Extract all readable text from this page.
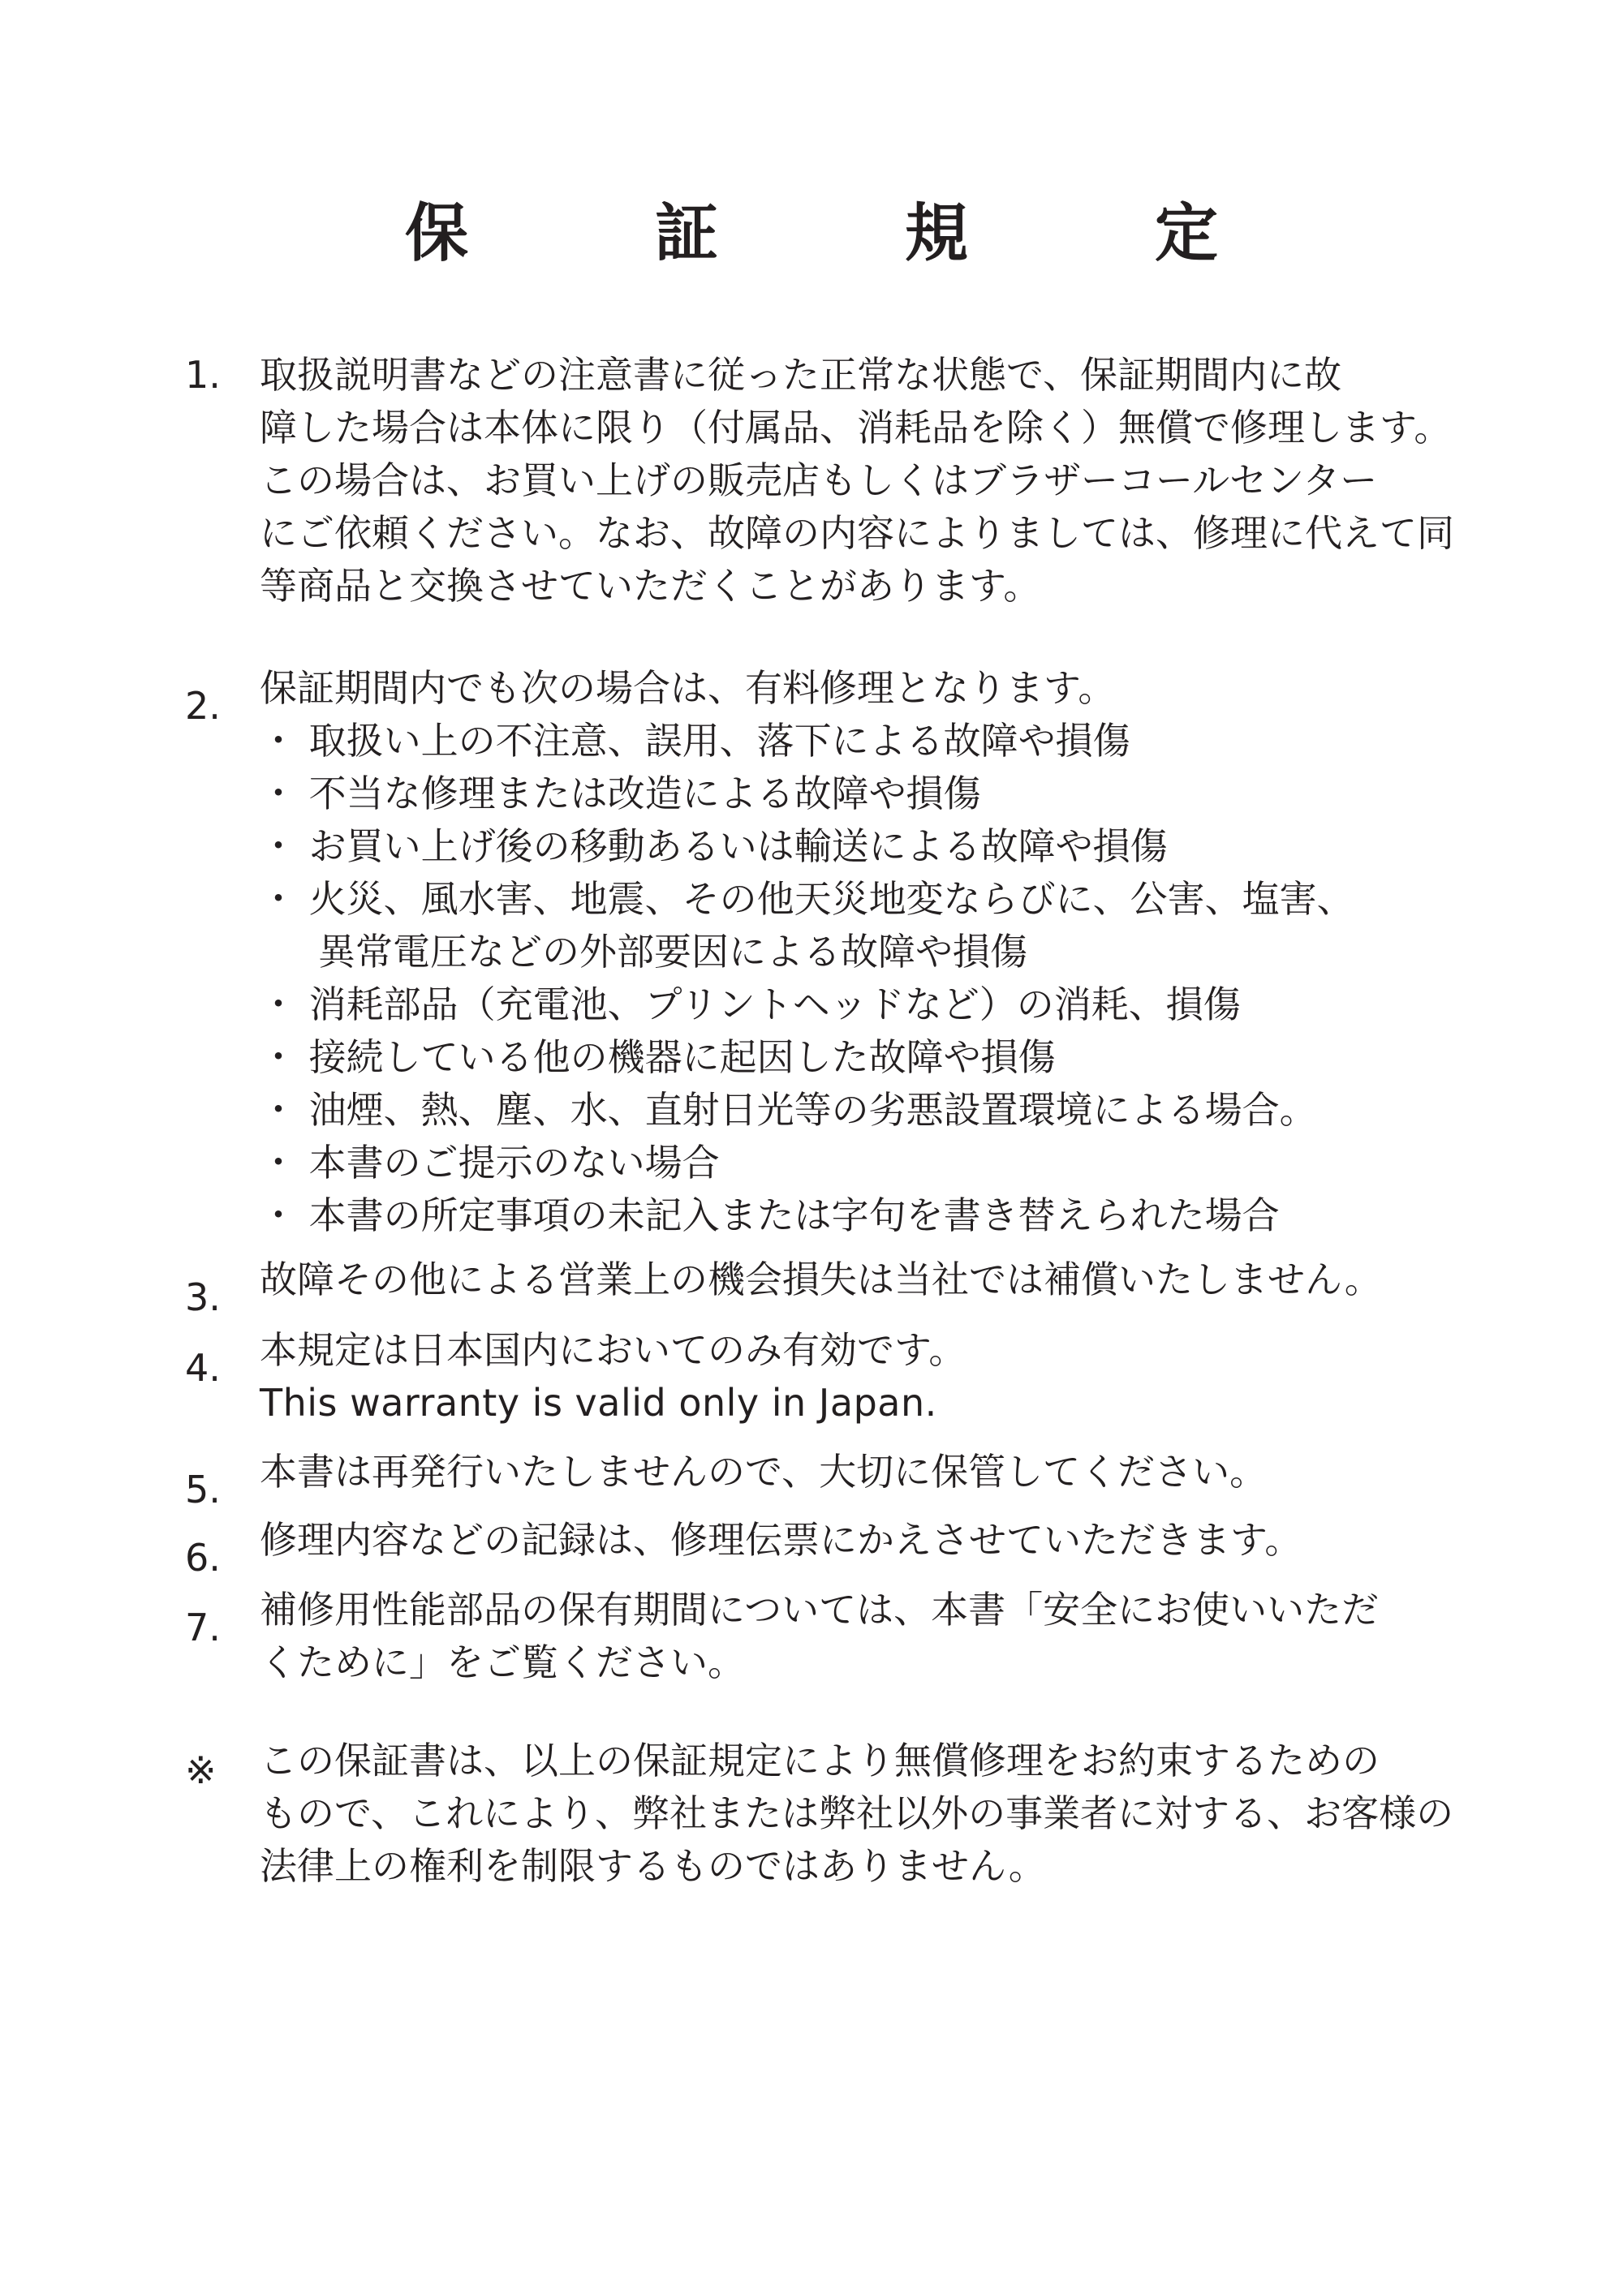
保　証　規　定
1.	取扱説明書などの注意書に従った正常な状態で、保証期間内に故
障した場合は本体に限り（付属品、消耗品を除く）無償で修理します。
この場合は、お買い上げの販売店もしくはブラザーコールセンター
にご依頼ください。なお、故障の内容によりましては、修理に代えて同
等商品と交換させていただくことがあります。
2.	保証期間内でも次の場合は、有料修理となります。
・ 取扱い上の不注意、誤用、落下による故障や損傷
・ 不当な修理または改造による故障や損傷
・ お買い上げ後の移動あるいは輸送による故障や損傷
・ 火災、風水害、地震、その他天災地変ならびに、公害、塩害、
異常電圧などの外部要因による故障や損傷
・ 消耗部品（充電池、プリントヘッドなど）の消耗、損傷
・ 接続している他の機器に起因した故障や損傷
・ 油煙、熱、塵、水、直射日光等の劣悪設置環境による場合。
・ 本書のご提示のない場合
・ 本書の所定事項の未記入または字句を書き替えられた場合
3.	故障その他による営業上の機会損失は当社では補償いたしません。
4.	本規定は日本国内においてのみ有効です。
This warranty is valid only in Japan.
5.	本書は再発行いたしませんので、大切に保管してください。
6.	修理内容などの記録は、修理伝票にかえさせていただきます。
7.	補修用性能部品の保有期間については、本書「安全にお使いいただ
くために」をご覧ください。
※	この保証書は、以上の保証規定により無償修理をお約束するための
もので、これにより、弊社または弊社以外の事業者に対する、お客様の
法律上の権利を制限するものではありません。
